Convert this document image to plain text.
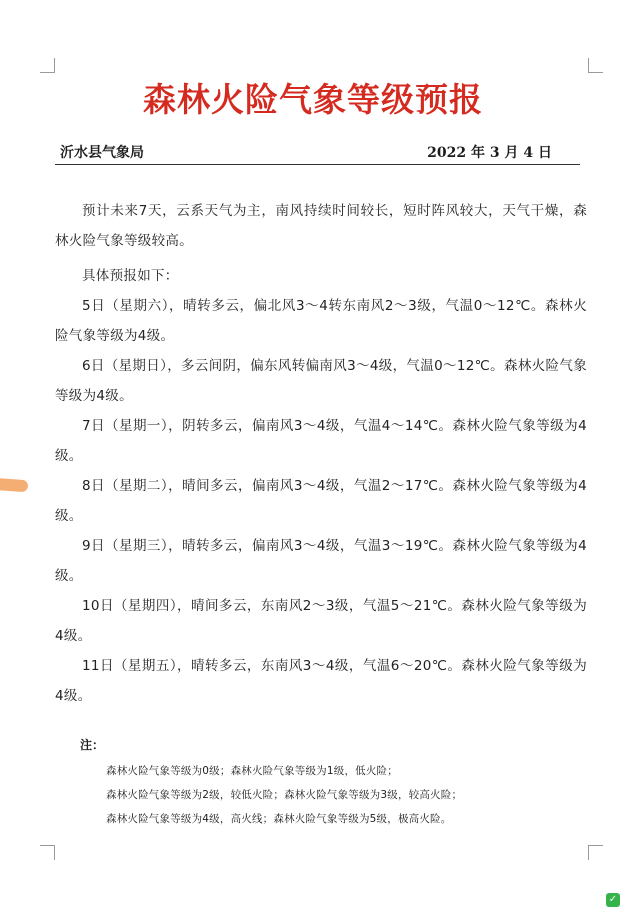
森林火险气象等级预报
沂水县气象局	2022 年 3 月 4 日

预计未来7天，云系天气为主，南风持续时间较长，短时阵风较大，天气干燥，森林火险气象等级较高。

具体预报如下：

5日（星期六），晴转多云，偏北风3～4转东南风2～3级，气温0～12℃。森林火险气象等级为4级。

6日（星期日），多云间阴，偏东风转偏南风3～4级，气温0～12℃。森林火险气象等级为4级。

7日（星期一），阴转多云，偏南风3～4级，气温4～14℃。森林火险气象等级为4级。

8日（星期二），晴间多云，偏南风3～4级，气温2～17℃。森林火险气象等级为4级。

9日（星期三），晴转多云，偏南风3～4级，气温3～19℃。森林火险气象等级为4级。

10日（星期四），晴间多云，东南风2～3级，气温5～21℃。森林火险气象等级为4级。

11日（星期五），晴转多云，东南风3～4级，气温6～20℃。森林火险气象等级为4级。

注：
森林火险气象等级为0级；森林火险气象等级为1级，低火险；
森林火险气象等级为2级，较低火险；森林火险气象等级为3级，较高火险；
森林火险气象等级为4级，高火线；森林火险气象等级为5级，极高火险。
✓
